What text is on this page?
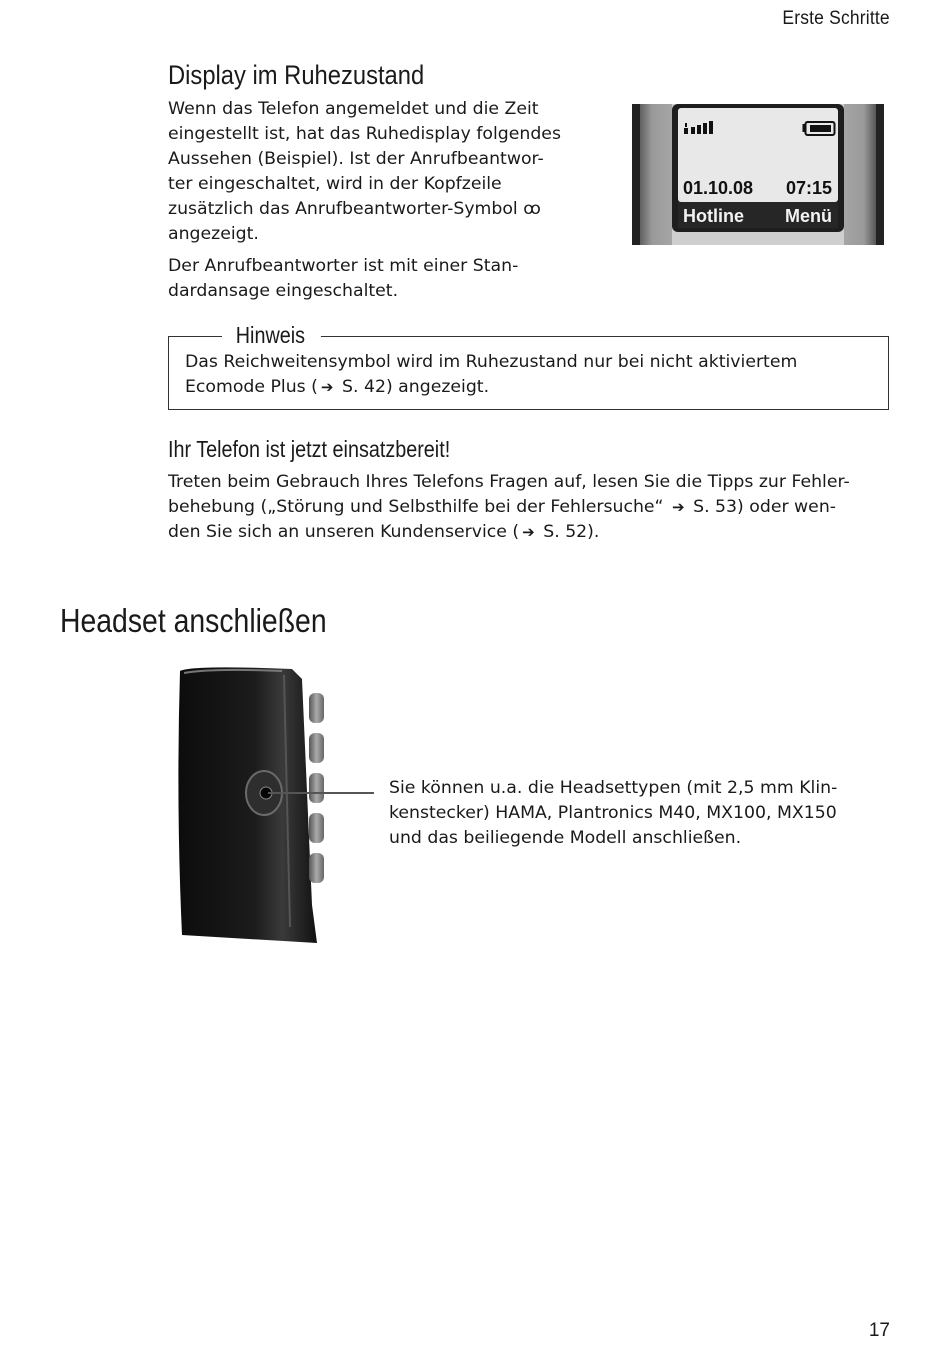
Erste Schritte
Display im Ruhezustand
Wenn das Telefon angemeldet und die Zeit
eingestellt ist, hat das Ruhedisplay folgendes
Aussehen (Beispiel). Ist der Anrufbeantwor-
ter eingeschaltet, wird in der Kopfzeile
zusätzlich das Anrufbeantworter-Symbol ꝏ
angezeigt.
Der Anrufbeantworter ist mit einer Stan-
dardansage eingeschaltet.
01.10.08 07:15
Hotline Menü
Hinweis
Das Reichweitensymbol wird im Ruhezustand nur bei nicht aktiviertem
Ecomode Plus ( ➔ S. 42) angezeigt.
Ihr Telefon ist jetzt einsatzbereit!
Treten beim Gebrauch Ihres Telefons Fragen auf, lesen Sie die Tipps zur Fehler-
behebung („Störung und Selbsthilfe bei der Fehlersuche“ ➔ S. 53) oder wen-
den Sie sich an unseren Kundenservice ( ➔ S. 52).
Headset anschließen
Sie können u.a. die Headsettypen (mit 2,5 mm Klin-
kenstecker) HAMA, Plantronics M40, MX100, MX150
und das beiliegende Modell anschließen.
17
